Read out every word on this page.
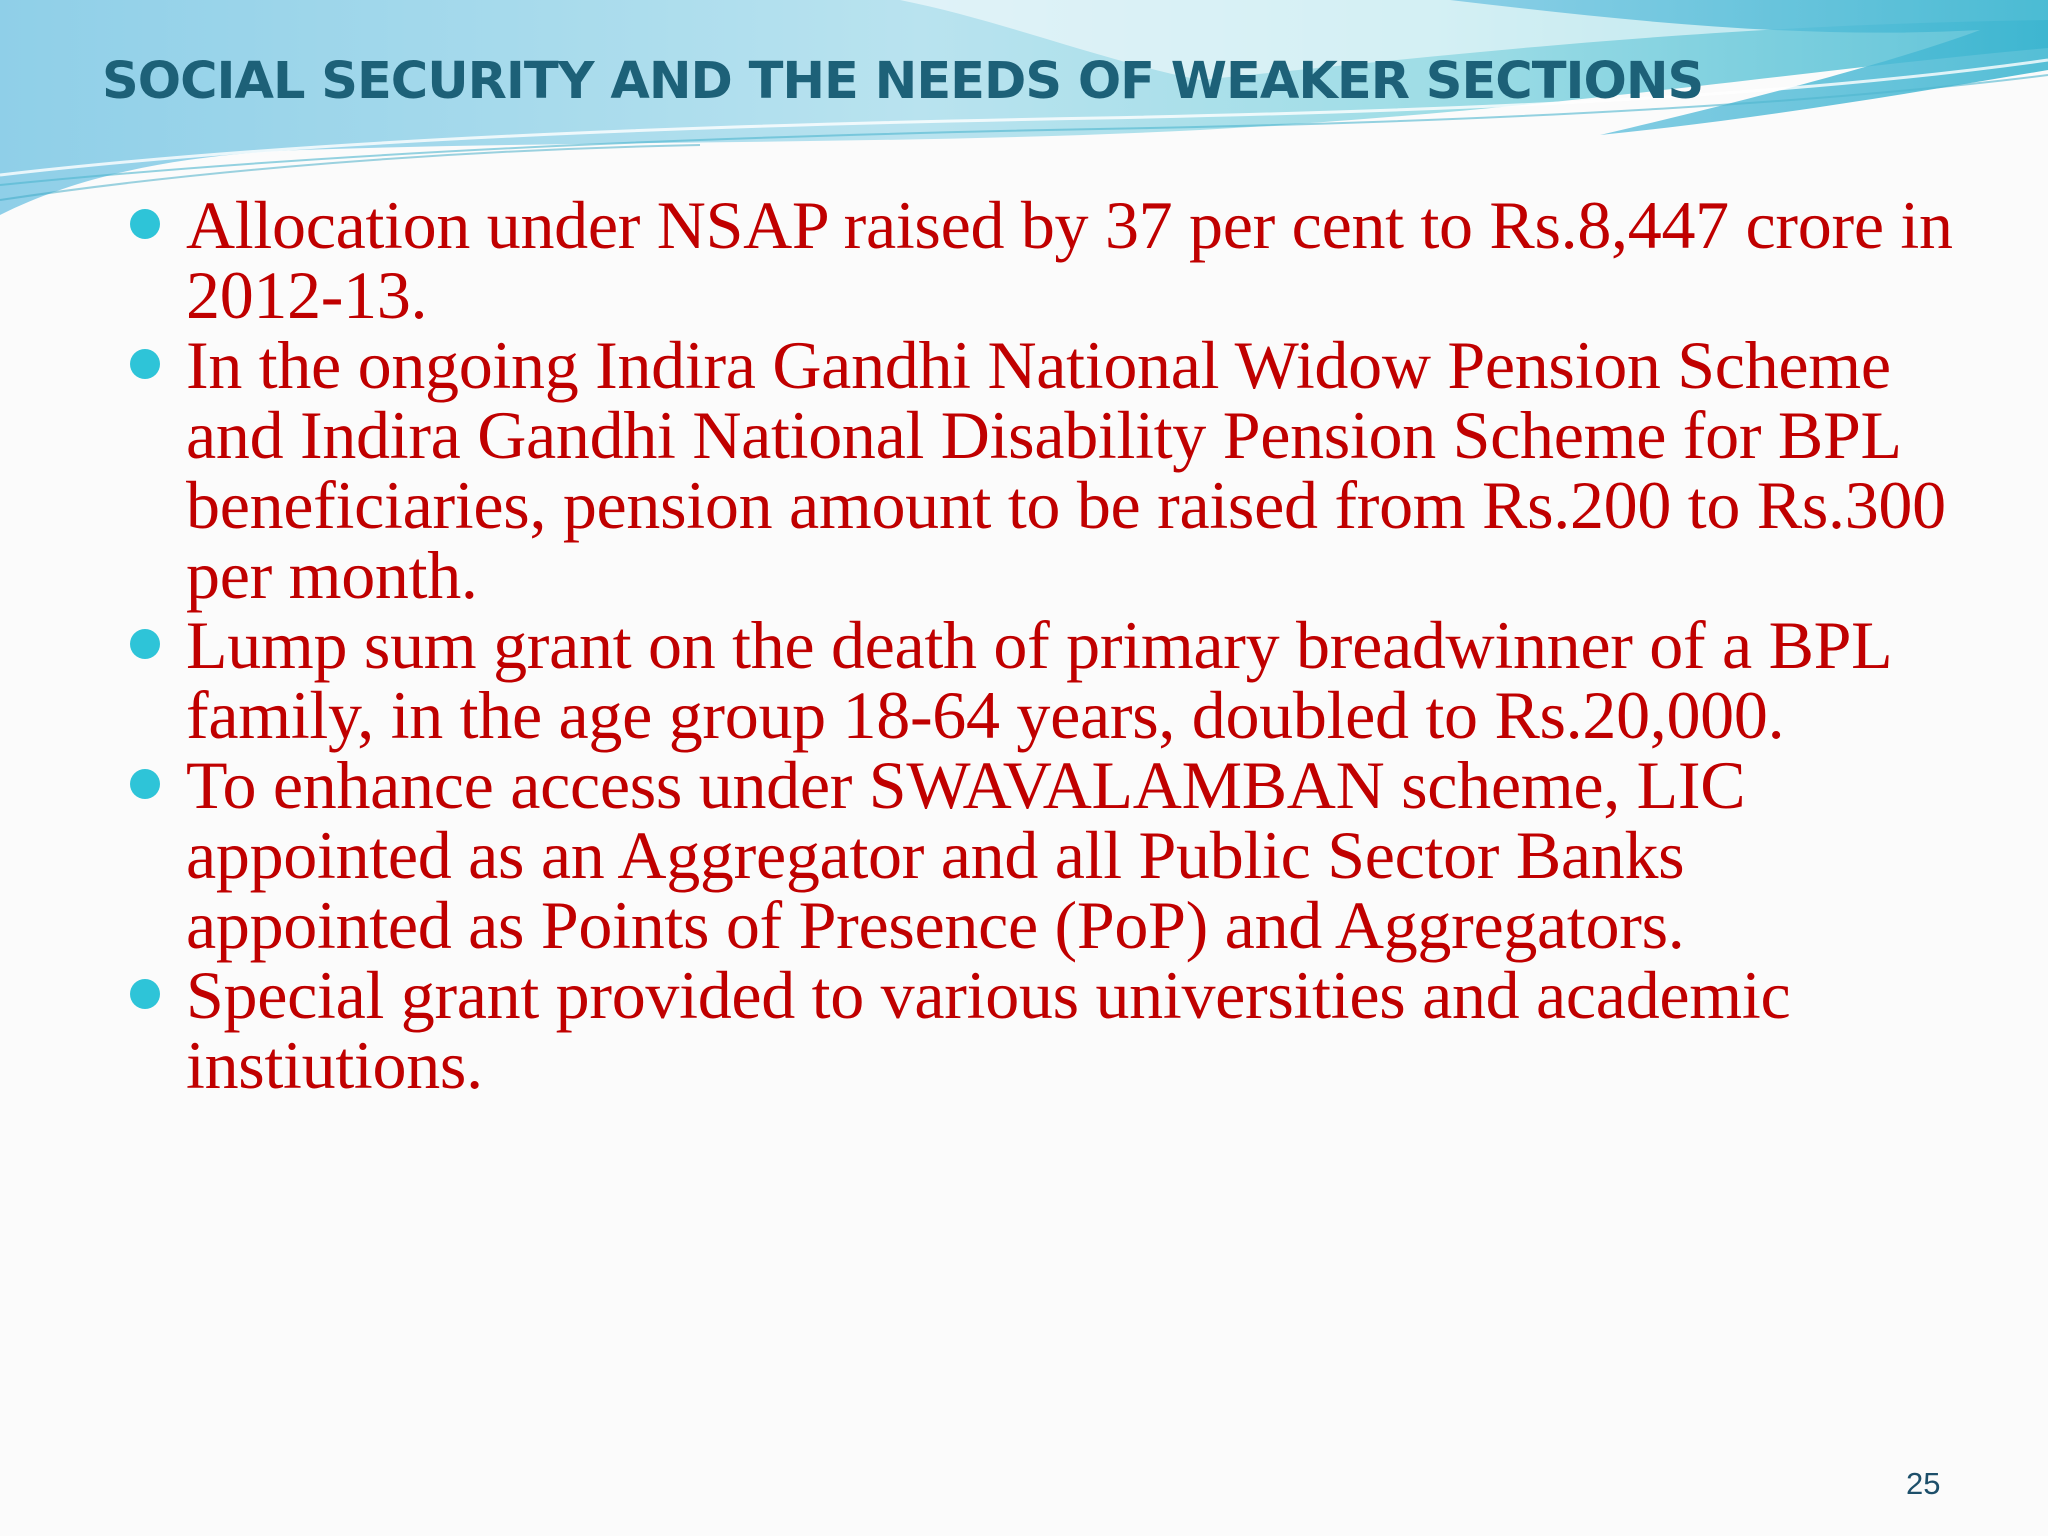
SOCIAL SECURITY AND THE NEEDS OF WEAKER SECTIONS
Allocation under NSAP raised by 37 per cent to Rs.8,447 crore in 2012-13.
In the ongoing Indira Gandhi National Widow Pension Scheme and Indira Gandhi National Disability Pension Scheme for BPL beneficiaries, pension amount to be raised from Rs.200 to Rs.300 per month.
Lump sum grant on the death of primary breadwinner of a BPL family, in the age group 18-64 years, doubled to Rs.20,000.
To enhance access under SWAVALAMBAN scheme, LIC appointed as an Aggregator and all Public Sector Banks appointed as Points of Presence (PoP) and Aggregators.
Special grant provided to various universities and academic instiutions.
25
